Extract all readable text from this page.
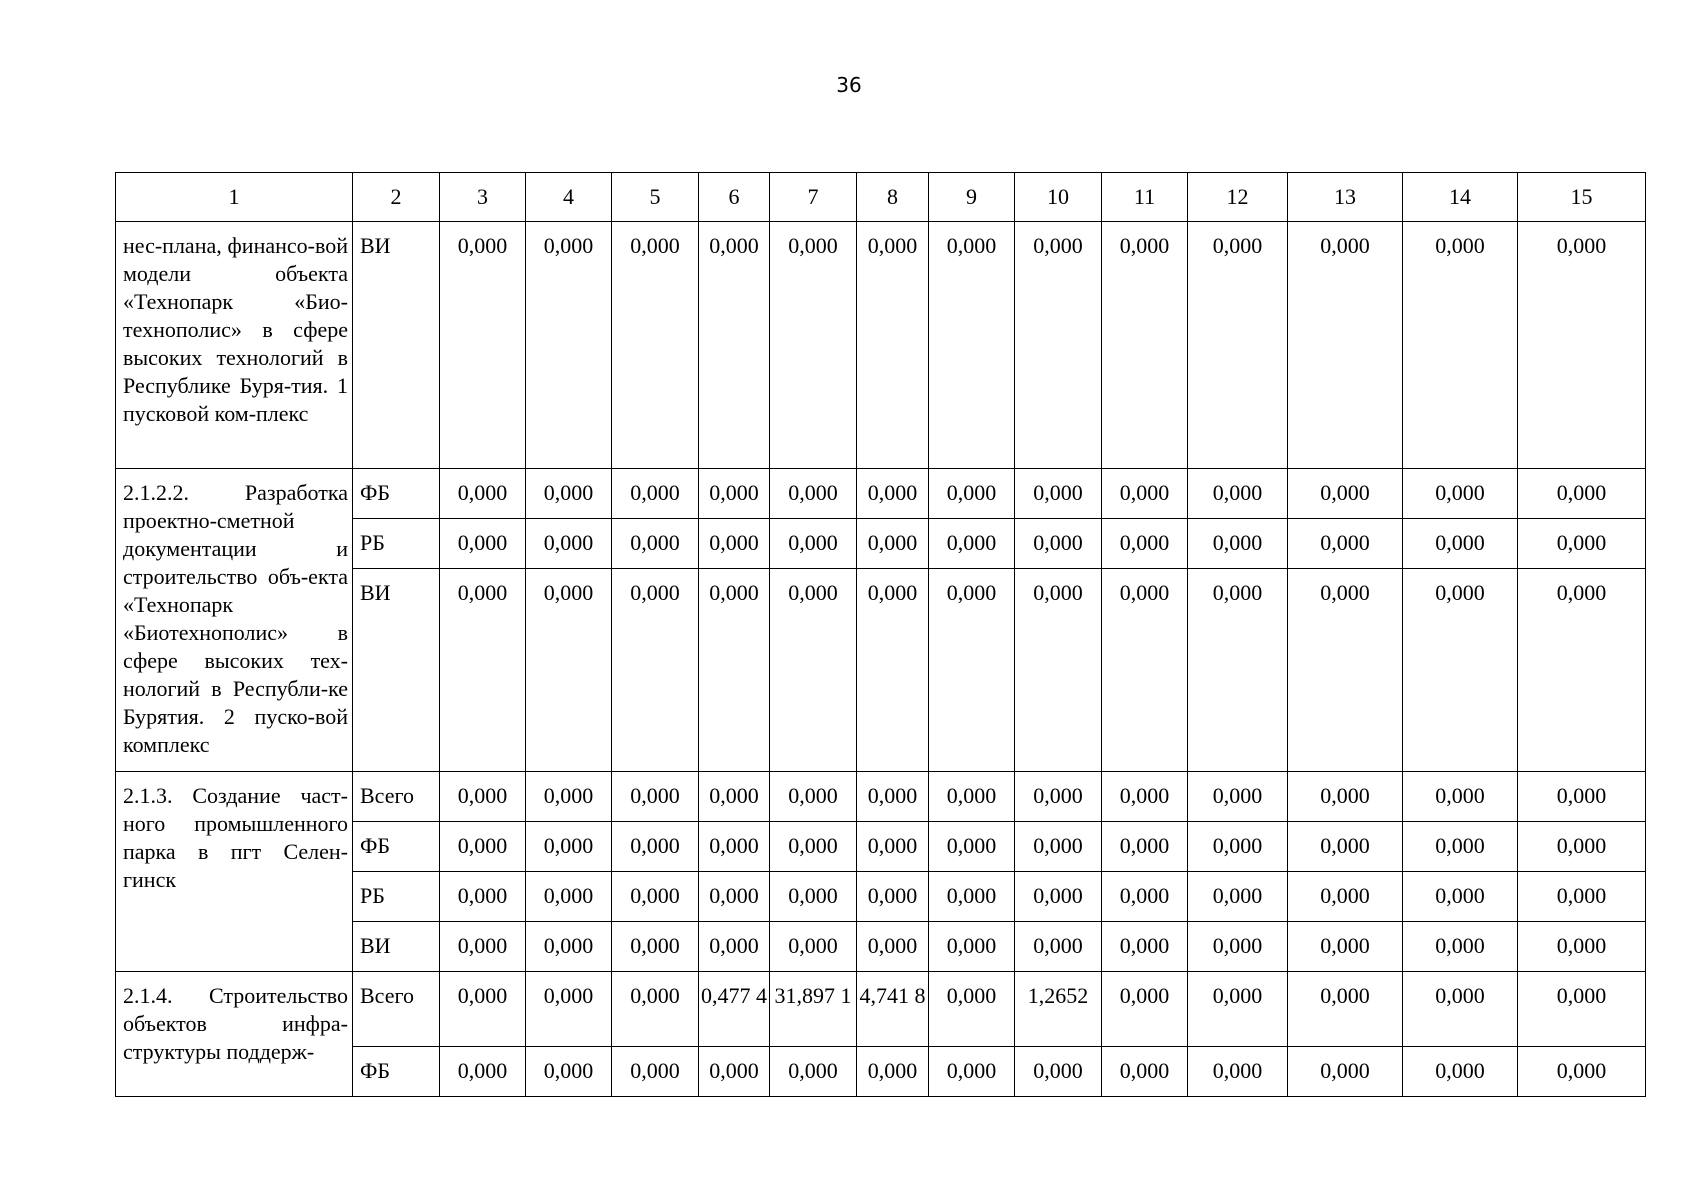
36
1	2	3	4	5	6	7	8	9	10	11	12	13	14	15
нес-плана, финансо-вой модели объекта «Технопарк «Био-технополис» в сфере высоких технологий в Республике Буря-тия. 1 пусковой ком-плекс	ВИ	0,000	0,000	0,000	0,000	0,000	0,000	0,000	0,000	0,000	0,000	0,000	0,000	0,000
2.1.2.2. Разработка проектно-сметной документации и строительство объ-екта «Технопарк «Биотехнополис» в сфере высоких тех-нологий в Республи-ке Бурятия. 2 пуско-вой комплекс	ФБ	0,000	0,000	0,000	0,000	0,000	0,000	0,000	0,000	0,000	0,000	0,000	0,000	0,000
	РБ	0,000	0,000	0,000	0,000	0,000	0,000	0,000	0,000	0,000	0,000	0,000	0,000	0,000
	ВИ	0,000	0,000	0,000	0,000	0,000	0,000	0,000	0,000	0,000	0,000	0,000	0,000	0,000
2.1.3. Создание част-ного промышленного парка в пгт Селен-гинск	Всего	0,000	0,000	0,000	0,000	0,000	0,000	0,000	0,000	0,000	0,000	0,000	0,000	0,000
	ФБ	0,000	0,000	0,000	0,000	0,000	0,000	0,000	0,000	0,000	0,000	0,000	0,000	0,000
	РБ	0,000	0,000	0,000	0,000	0,000	0,000	0,000	0,000	0,000	0,000	0,000	0,000	0,000
	ВИ	0,000	0,000	0,000	0,000	0,000	0,000	0,000	0,000	0,000	0,000	0,000	0,000	0,000
2.1.4. Строительство объектов инфра-структуры поддерж-	Всего	0,000	0,000	0,000	0,477 4	31,897 1	4,741 8	0,000	1,2652	0,000	0,000	0,000	0,000	0,000
	ФБ	0,000	0,000	0,000	0,000	0,000	0,000	0,000	0,000	0,000	0,000	0,000	0,000	0,000
